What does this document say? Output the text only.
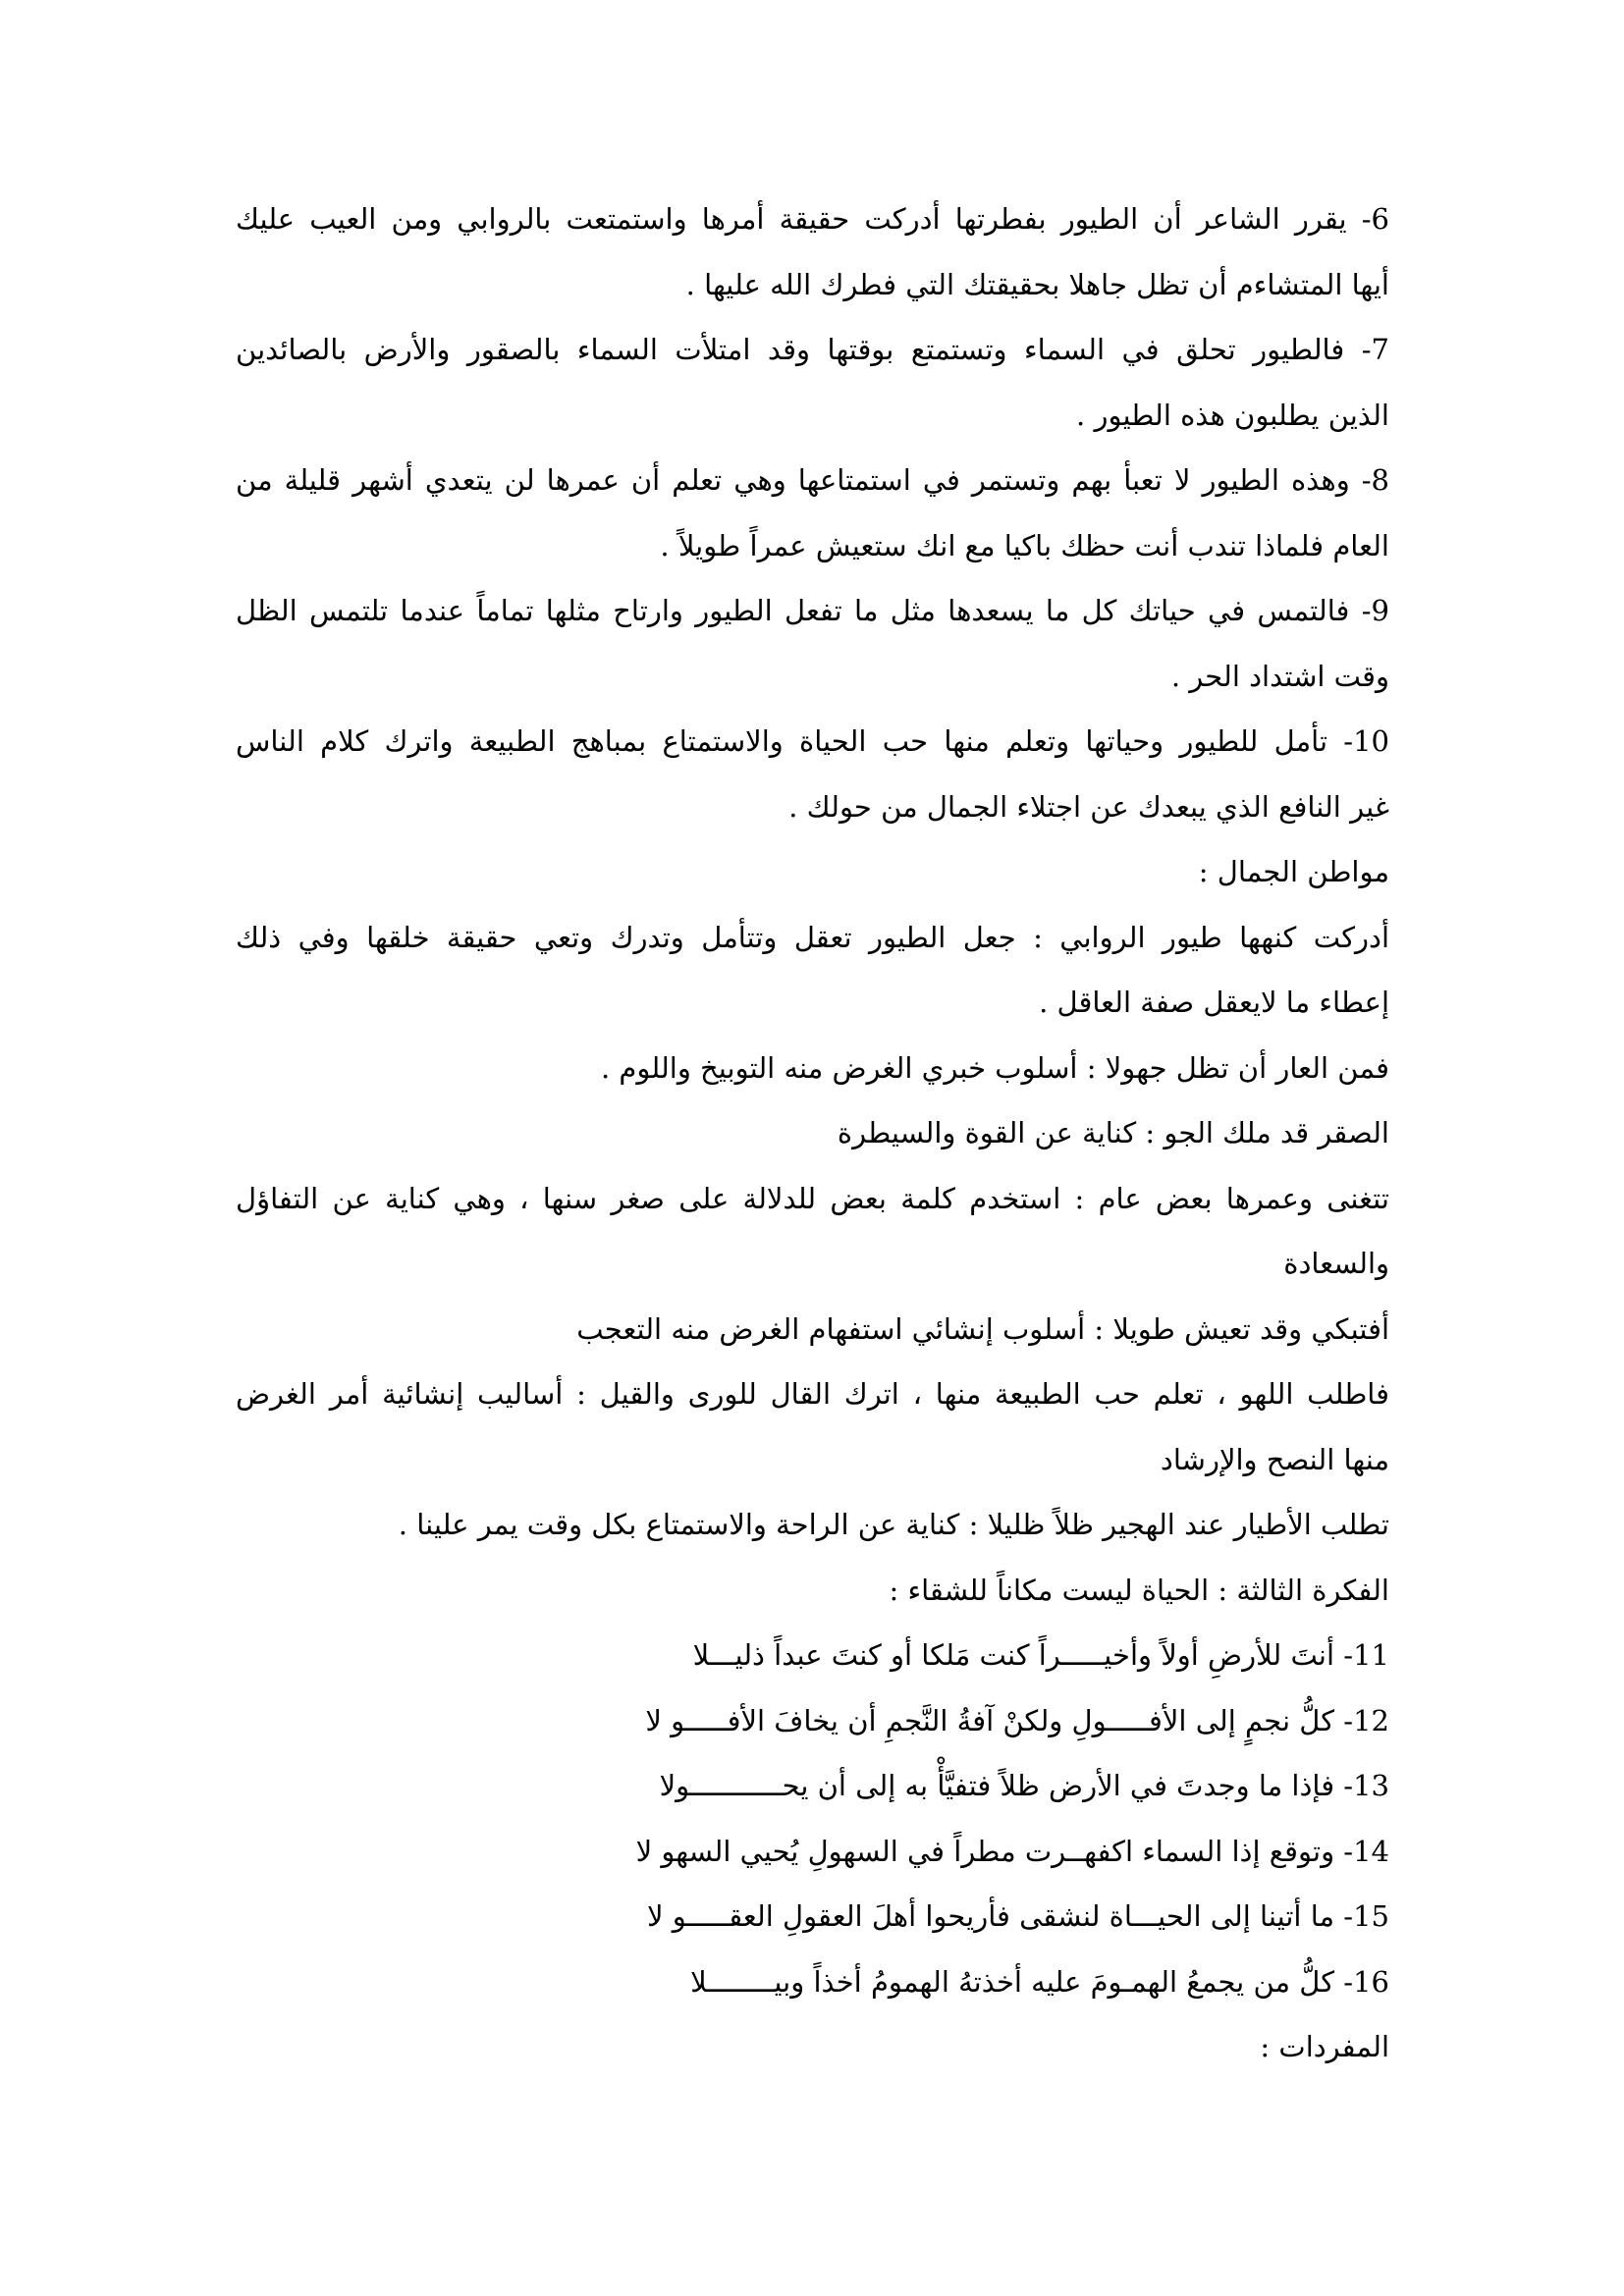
6- يقرر الشاعر أن الطيور بفطرتها أدركت حقيقة أمرها واستمتعت بالروابي ومن العيب عليك
أيها المتشاءم أن تظل جاهلا بحقيقتك التي فطرك الله عليها .
7- فالطيور تحلق في السماء وتستمتع بوقتها وقد امتلأت السماء بالصقور والأرض بالصائدين
الذين يطلبون هذه الطيور .
8- وهذه الطيور لا تعبأ بهم وتستمر في استمتاعها وهي تعلم أن عمرها لن يتعدي أشهر قليلة من
العام فلماذا تندب أنت حظك باكيا مع انك ستعيش عمراً طويلاً .
9- فالتمس في حياتك كل ما يسعدها مثل ما تفعل الطيور وارتاح مثلها تماماً عندما تلتمس الظل
وقت اشتداد الحر .
10- تأمل للطيور وحياتها وتعلم منها حب الحياة والاستمتاع بمباهج الطبيعة واترك كلام الناس
غير النافع الذي يبعدك عن اجتلاء الجمال من حولك .
مواطن الجمال :
أدركت كنهها طيور الروابي : جعل الطيور تعقل وتتأمل وتدرك وتعي حقيقة خلقها وفي ذلك
إعطاء ما لايعقل صفة العاقل .
فمن العار أن تظل جهولا : أسلوب خبري الغرض منه التوبيخ واللوم .
الصقر قد ملك الجو : كناية عن القوة والسيطرة
تتغنى وعمرها بعض عام : استخدم كلمة بعض للدلالة على صغر سنها ، وهي كناية عن التفاؤل
والسعادة
أفتبكي وقد تعيش طويلا : أسلوب إنشائي استفهام الغرض منه التعجب
فاطلب اللهو ، تعلم حب الطبيعة منها ، اترك القال للورى والقيل : أساليب إنشائية أمر الغرض
منها النصح والإرشاد
تطلب الأطيار عند الهجير ظلاً ظليلا : كناية عن الراحة والاستمتاع بكل وقت يمر علينا .
الفكرة الثالثة : الحياة ليست مكاناً للشقاء :
11- أنتَ للأرضِ أولاً وأخيـــــراً كنت مَلكا أو كنتَ عبداً ذليـــلا
12- كلُّ نجمٍ إلى الأفـــــولِ ولكنْ آفةُ النَّجمِ أن يخافَ الأفـــــو لا
13- فإذا ما وجدتَ في الأرض ظلاً فتفيَّأْ به إلى أن يحـــــــــــولا
14- وتوقع إذا السماء اكفهــرت مطراً في السهولِ يُحيي السهو لا
15- ما أتينا إلى الحيـــاة لنشقى فأريحوا أهلَ العقولِ العقـــــو لا
16- كلُّ من يجمعُ الهمـومَ عليه أخذتهُ الهمومُ أخذاً وبيــــــــلا
المفردات :
